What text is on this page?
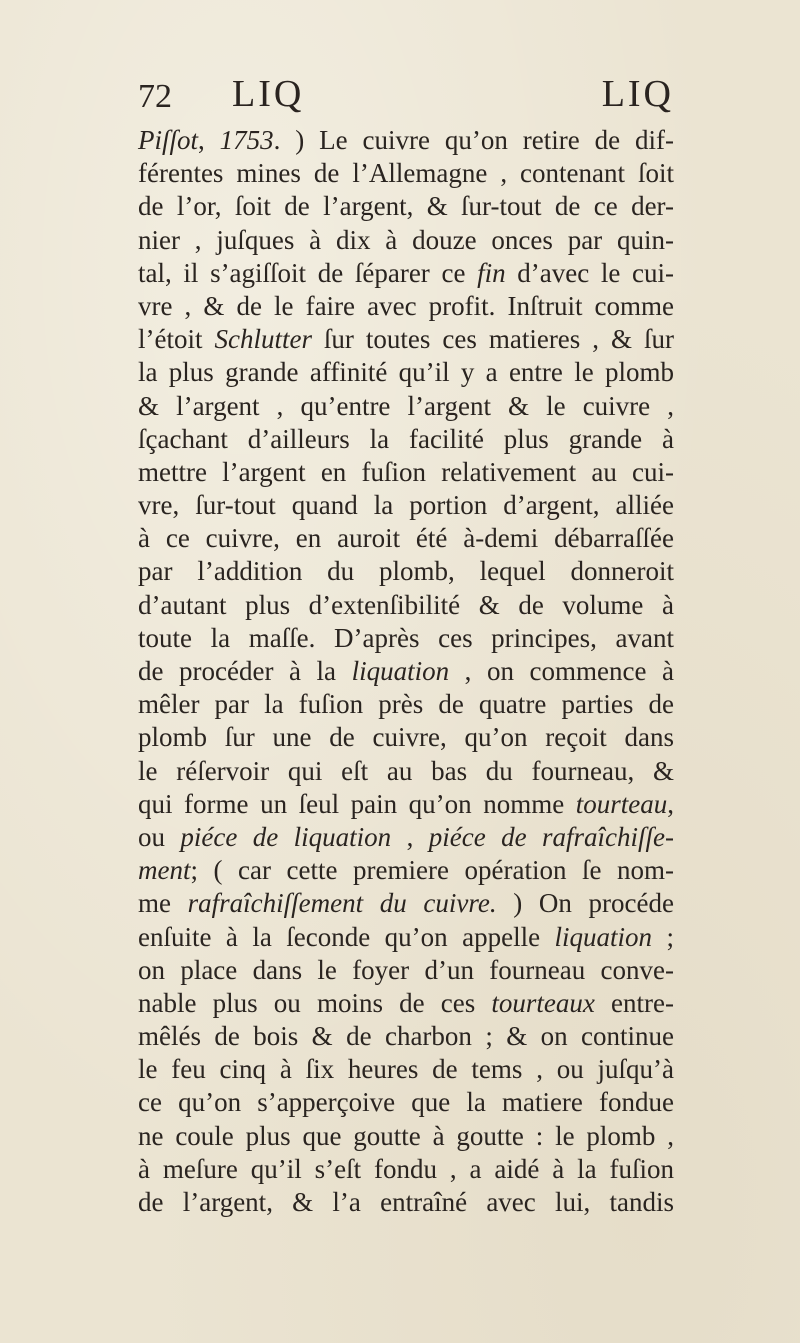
72 LIQ	LIQ
Piſſot, 1753. ) Le cuivre qu’on retire de dif-
férentes mines de l’Allemagne , contenant ſoit
de l’or, ſoit de l’argent, & ſur-tout de ce der-
nier , juſques à dix à douze onces par quin-
tal, il s’agiſſoit de ſéparer ce fin d’avec le cui-
vre , & de le faire avec profit. Inſtruit comme
l’étoit Schlutter ſur toutes ces matieres , & ſur
la plus grande affinité qu’il y a entre le plomb
& l’argent , qu’entre l’argent & le cuivre ,
ſçachant d’ailleurs la facilité plus grande à
mettre l’argent en fuſion relativement au cui-
vre, ſur-tout quand la portion d’argent, alliée
à ce cuivre, en auroit été à-demi débarraſſée
par l’addition du plomb, lequel donneroit
d’autant plus d’extenſibilité & de volume à
toute la maſſe. D’après ces principes, avant
de procéder à la liquation , on commence à
mêler par la fuſion près de quatre parties de
plomb ſur une de cuivre, qu’on reçoit dans
le réſervoir qui eſt au bas du fourneau, &
qui forme un ſeul pain qu’on nomme tourteau,
ou piéce de liquation , piéce de rafraîchiſſe-
ment; ( car cette premiere opération ſe nom-
me rafraîchiſſement du cuivre. ) On procéde
enſuite à la ſeconde qu’on appelle liquation ;
on place dans le foyer d’un fourneau conve-
nable plus ou moins de ces tourteaux entre-
mêlés de bois & de charbon ; & on continue
le feu cinq à ſix heures de tems , ou juſqu’à
ce qu’on s’apperçoive que la matiere fondue
ne coule plus que goutte à goutte : le plomb ,
à meſure qu’il s’eſt fondu , a aidé à la fuſion
de l’argent, & l’a entraîné avec lui, tandis
